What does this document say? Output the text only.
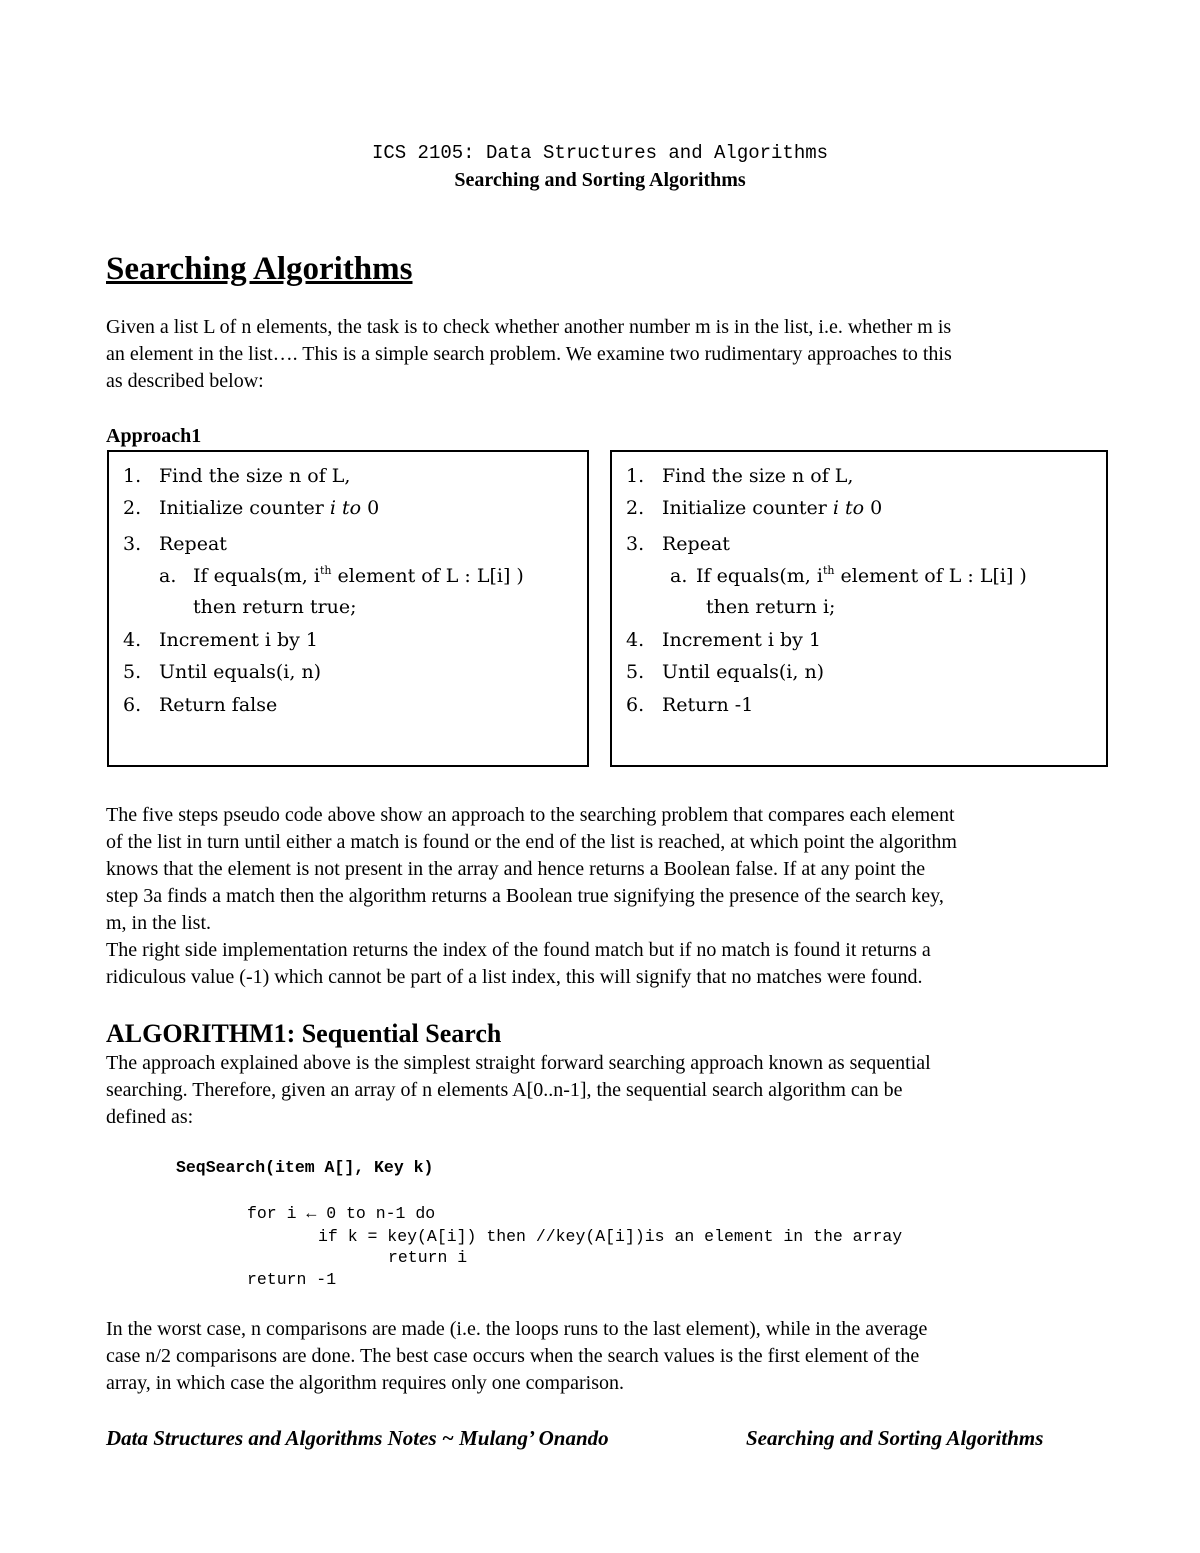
ICS 2105: Data Structures and Algorithms
Searching and Sorting Algorithms
Searching Algorithms
Given a list L of n elements, the task is to check whether another number m is in the list, i.e. whether m is
an element in the list…. This is a simple search problem. We examine two rudimentary approaches to this
as described below:
Approach1
1. Find the size n of L,
2. Initialize counter i to 0
3. Repeat
a. If equals(m, $i^{th}$ element of L : L[i] )
then return true;
4. Increment i by 1
5. Until equals(i, n)
6. Return false
1. Find the size n of L,
2. Initialize counter i to 0
3. Repeat
a. If equals(m, $i^{th}$ element of L : L[i] )
then return i;
4. Increment i by 1
5. Until equals(i, n)
6. Return -1
The five steps pseudo code above show an approach to the searching problem that compares each element
of the list in turn until either a match is found or the end of the list is reached, at which point the algorithm
knows that the element is not present in the array and hence returns a Boolean false. If at any point the
step 3a finds a match then the algorithm returns a Boolean true signifying the presence of the search key,
m, in the list.
The right side implementation returns the index of the found match but if no match is found it returns a
ridiculous value (-1) which cannot be part of a list index, this will signify that no matches were found.
ALGORITHM1: Sequential Search
The approach explained above is the simplest straight forward searching approach known as sequential
searching. Therefore, given an array of n elements A[0..n-1], the sequential search algorithm can be
defined as:
SeqSearch(item A[], Key k)
for i ← 0 to n-1 do
if k = key(A[i]) then //key(A[i])is an element in the array
return i
return -1
In the worst case, n comparisons are made (i.e. the loops runs to the last element), while in the average
case n/2 comparisons are done. The best case occurs when the search values is the first element of the
array, in which case the algorithm requires only one comparison.
Data Structures and Algorithms Notes ~ Mulang’ Onando	Searching and Sorting Algorithms
